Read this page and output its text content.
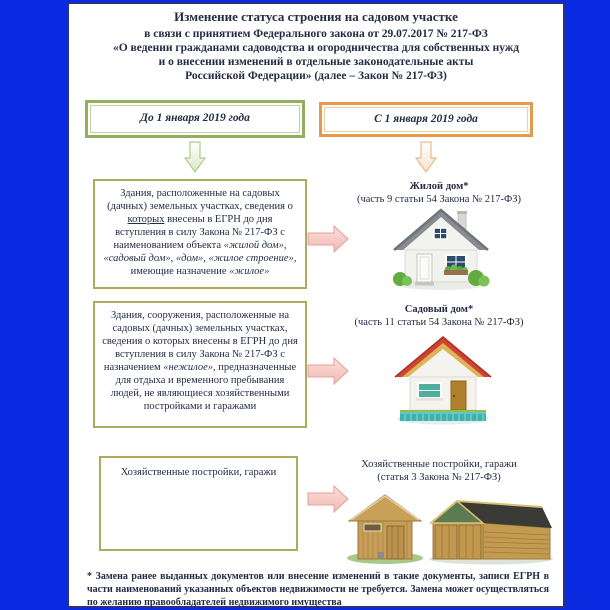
Изменение статуса строения на садовом участке
в связи с принятием Федерального закона от 29.07.2017 № 217-ФЗ
«О ведении гражданами садоводства и огородничества для собственных нужд
и о внесении изменений в отдельные законодательные акты
Российской Федерации» (далее – Закон № 217-ФЗ)
До 1 января 2019 года	С 1 января 2019 года
Здания, расположенные на садовых (дачных) земельных участках, сведения о которых внесены в ЕГРН до дня вступления в силу Закона № 217-ФЗ с наименованием объекта «жилой дом», «садовый дом», «дом», «жилое строение», имеющие назначение «жилое»
Жилой дом*
(часть 9 статьи 54 Закона № 217-ФЗ)
Здания, сооружения, расположенные на садовых (дачных) земельных участках, сведения о которых внесены в ЕГРН до дня вступления в силу Закона № 217-ФЗ с назначением «нежилое», предназначенные для отдыха и временного пребывания людей, не являющиеся хозяйственными постройками и гаражами
Садовый дом*
(часть 11 статьи 54 Закона № 217-ФЗ)
Хозяйственные постройки, гаражи
Хозяйственные постройки, гаражи
(статья 3 Закона № 217-ФЗ)
* Замена ранее выданных документов или внесение изменений в такие документы, записи ЕГРН в части наименований указанных объектов недвижимости не требуется. Замена может осуществляться по желанию правообладателей недвижимого имущества
